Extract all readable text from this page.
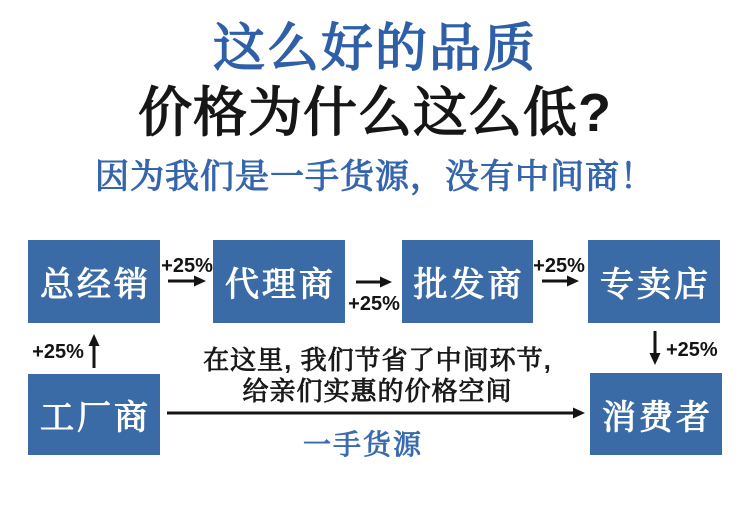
这么好的品质
价格为什么这么低?
因为我们是一手货源，没有中间商！
总经销	代理商	批发商	专卖店
工厂商	消费者
+25%
+25%
+25%
+25%	+25%
在这里, 我们节省了中间环节,
给亲们实惠的价格空间
一手货源
